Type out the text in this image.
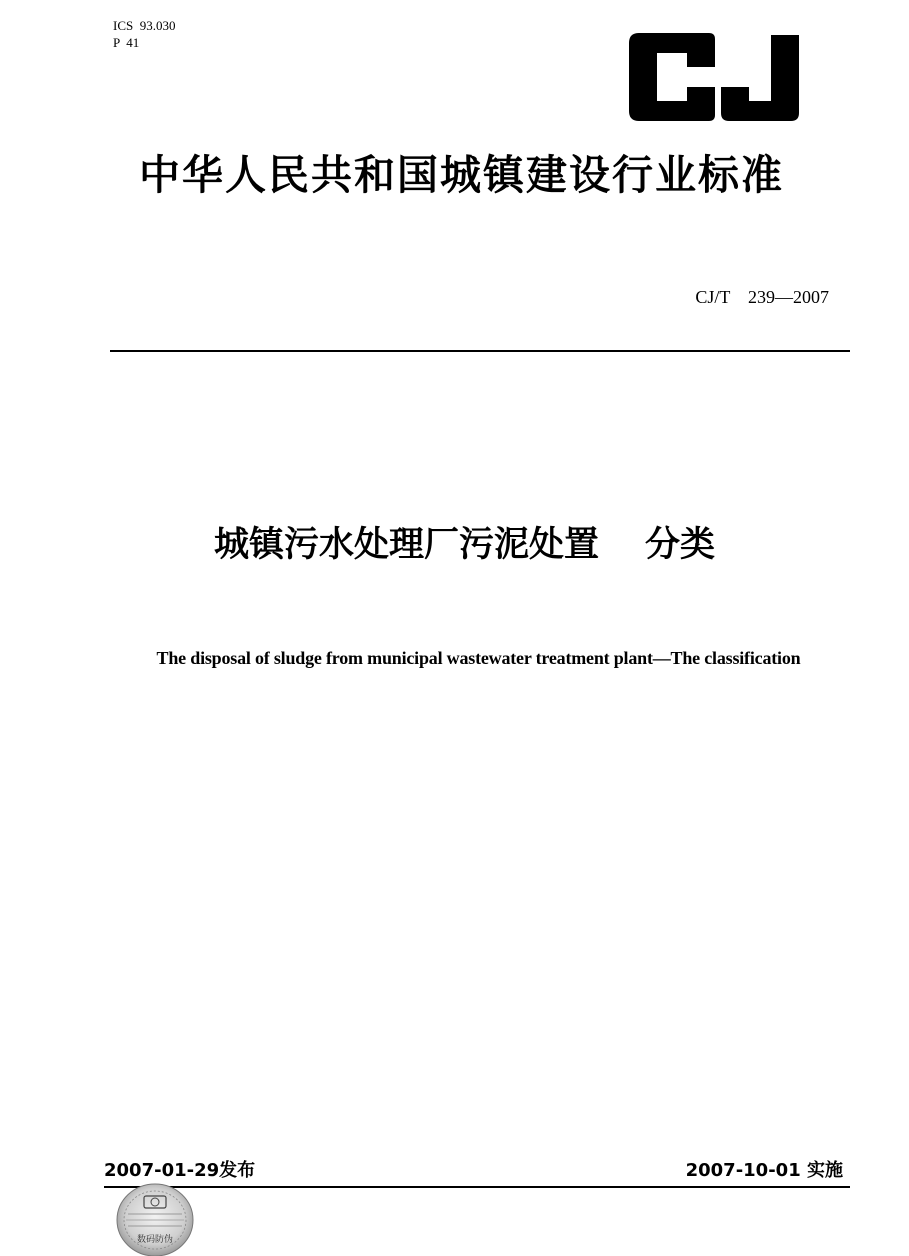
ICS  93.030
P  41
中华人民共和国城镇建设行业标准
CJ/T    239—2007
城镇污水处理厂污泥处置 分类
The disposal of sludge from municipal wastewater treatment plant—The classification
2007-01-29发布	2007-10-01 实施
数码防伪
